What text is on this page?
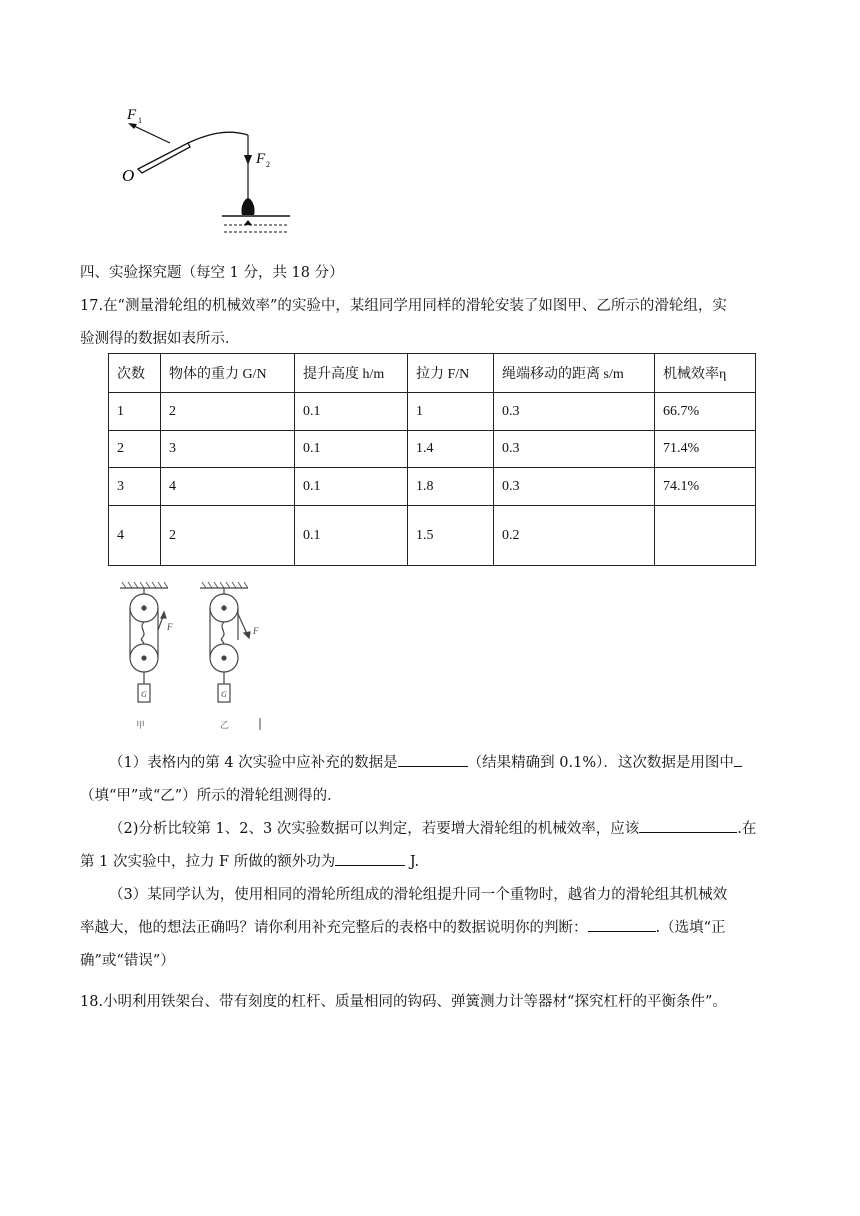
F 1
F 2
O
四、实验探究题（每空 1 分，共 18 分）
17.在“测量滑轮组的机械效率”的实验中，某组同学用同样的滑轮安装了如图甲、乙所示的滑轮组，实
验测得的数据如表所示．
次数	物体的重力 G/N	提升高度 h/m	拉力 F/N	绳端移动的距离 s/m	机械效率η
1	2	0.1	1	0.3	66.7%
2	3	0.1	1.4	0.3	71.4%
3	4	0.1	1.8	0.3	74.1%
4	2	0.1	1.5	0.2	
F	F
G	G
甲	乙
（1）表格内的第 4 次实验中应补充的数据是	（结果精确到 0.1%）．这次数据是用图中
（填“甲”或“乙”）所示的滑轮组测得的．
（2)分析比较第 1、2、3 次实验数据可以判定，若要增大滑轮组的机械效率，应该	.在
第 1 次实验中，拉力 F 所做的额外功为	J.
（3）某同学认为，使用相同的滑轮所组成的滑轮组提升同一个重物时，越省力的滑轮组其机械效
率越大，他的想法正确吗？请你利用补充完整后的表格中的数据说明你的判断：	.（选填“正
确”或“错误”）
18.小明利用铁架台、带有刻度的杠杆、质量相同的钩码、弹簧测力计等器材“探究杠杆的平衡条件”。
